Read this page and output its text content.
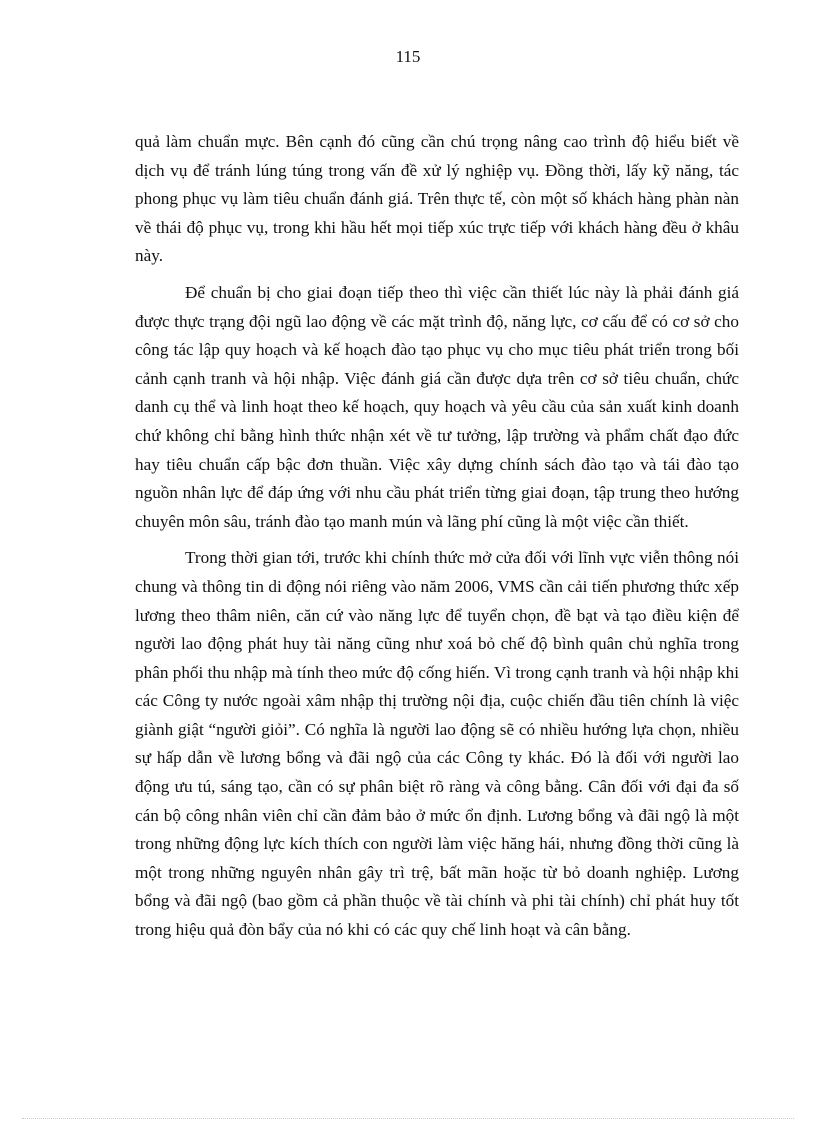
115

quả làm chuẩn mực. Bên cạnh đó cũng cần chú trọng nâng cao trình độ hiểu biết về dịch vụ để tránh lúng túng trong vấn đề xử lý nghiệp vụ. Đồng thời, lấy kỹ năng, tác phong phục vụ làm tiêu chuẩn đánh giá. Trên thực tế, còn một số khách hàng phàn nàn về thái độ phục vụ, trong khi hầu hết mọi tiếp xúc trực tiếp với khách hàng đều ở khâu này.

Để chuẩn bị cho giai đoạn tiếp theo thì việc cần thiết lúc này là phải đánh giá được thực trạng đội ngũ lao động về các mặt trình độ, năng lực, cơ cấu để có cơ sở cho công tác lập quy hoạch và kế hoạch đào tạo phục vụ cho mục tiêu phát triển trong bối cảnh cạnh tranh và hội nhập. Việc đánh giá cần được dựa trên cơ sở tiêu chuẩn, chức danh cụ thể và linh hoạt theo kế hoạch, quy hoạch và yêu cầu của sản xuất kinh doanh chứ không chỉ bằng hình thức nhận xét về tư tưởng, lập trường và phẩm chất đạo đức hay tiêu chuẩn cấp bậc đơn thuần. Việc xây dựng chính sách đào tạo và tái đào tạo nguồn nhân lực để đáp ứng với nhu cầu phát triển từng giai đoạn, tập trung theo hướng chuyên môn sâu, tránh đào tạo manh mún và lãng phí cũng là một việc cần thiết.

Trong thời gian tới, trước khi chính thức mở cửa đối với lĩnh vực viễn thông nói chung và thông tin di động nói riêng vào năm 2006, VMS cần cải tiến phương thức xếp lương theo thâm niên, căn cứ vào năng lực để tuyển chọn, đề bạt và tạo điều kiện để người lao động phát huy tài năng cũng như xoá bỏ chế độ bình quân chủ nghĩa trong phân phối thu nhập mà tính theo mức độ cống hiến. Vì trong cạnh tranh và hội nhập khi các Công ty nước ngoài xâm nhập thị trường nội địa, cuộc chiến đầu tiên chính là việc giành giật “người giỏi”. Có nghĩa là người lao động sẽ có nhiều hướng lựa chọn, nhiều sự hấp dẫn về lương bổng và đãi ngộ của các Công ty khác. Đó là đối với người lao động ưu tú, sáng tạo, cần có sự phân biệt rõ ràng và công bằng. Cân đối với đại đa số cán bộ công nhân viên chỉ cần đảm bảo ở mức ổn định. Lương bổng và đãi ngộ là một trong những động lực kích thích con người làm việc hăng hái, nhưng đồng thời cũng là một trong những nguyên nhân gây trì trệ, bất mãn hoặc từ bỏ doanh nghiệp. Lương bổng và đãi ngộ (bao gồm cả phần thuộc về tài chính và phi tài chính) chỉ phát huy tốt trong hiệu quả đòn bẩy của nó khi có các quy chế linh hoạt và cân bằng.
